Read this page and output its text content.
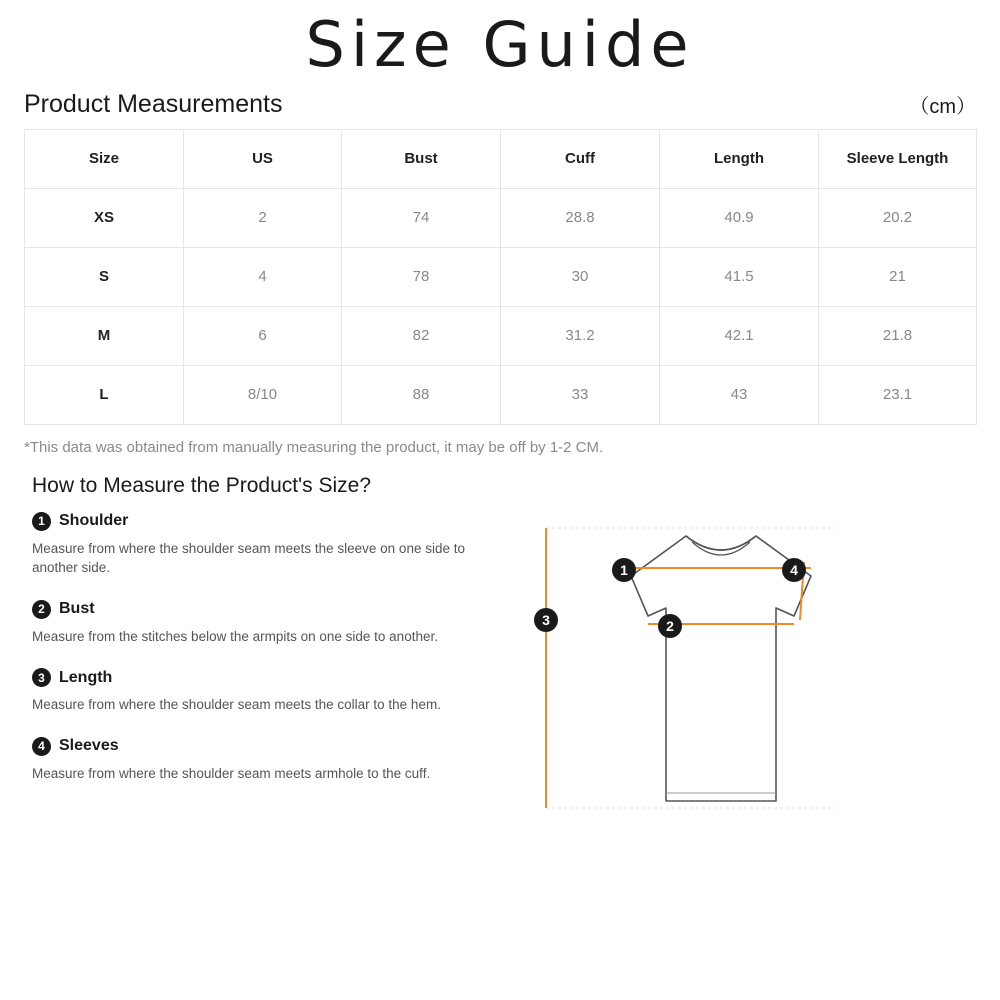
Size Guide
Product Measurements	（cm）
Size	US	Bust	Cuff	Length	Sleeve Length
XS	2	74	28.8	40.9	20.2
S	4	78	30	41.5	21
M	6	82	31.2	42.1	21.8
L	8/10	88	33	43	23.1
*This data was obtained from manually measuring the product, it may be off by 1-2 CM.
How to Measure the Product's Size?
1 Shoulder
Measure from where the shoulder seam meets the sleeve on one side to another side.
2 Bust
Measure from the stitches below the armpits on one side to another.
3 Length
Measure from where the shoulder seam meets the collar to the hem.
4 Sleeves
Measure from where the shoulder seam meets armhole to the cuff.
1
2
3
4
